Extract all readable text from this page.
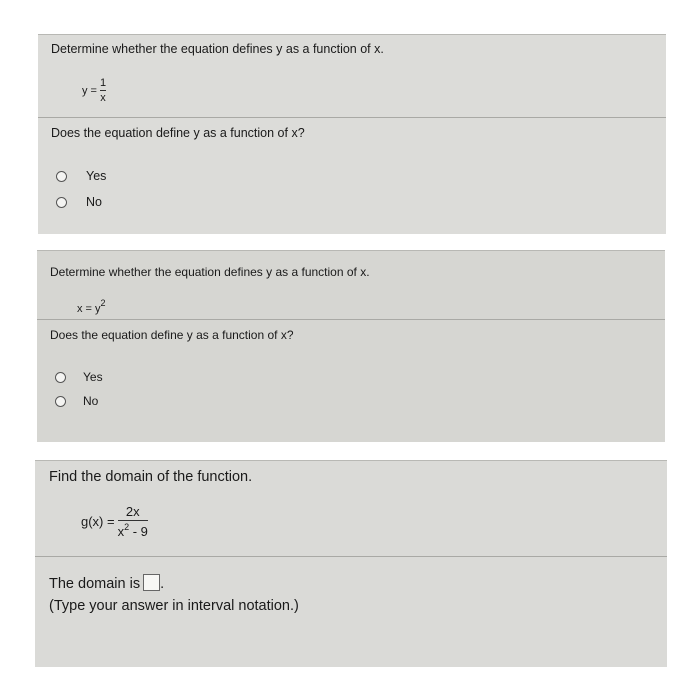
Determine whether the equation defines y as a function of x.
y =
1
x
Does the equation define y as a function of x?
Yes
No
Determine whether the equation defines y as a function of x.
$x = y^2$
Does the equation define y as a function of x?
Yes
No
Find the domain of the function.
g(x) =
2x
$x^2 - 9$
The domain is .
(Type your answer in interval notation.)
